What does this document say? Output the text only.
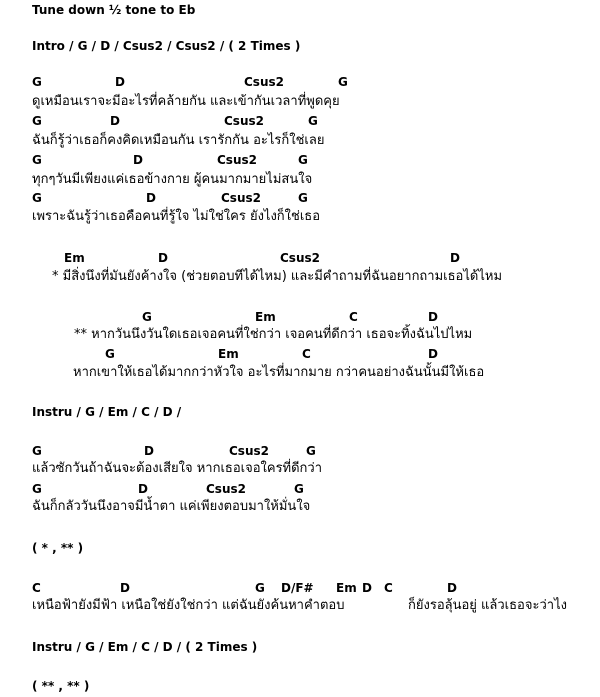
Tune down ½ tone to Eb
Intro / G / D / Csus2 / Csus2 / ( 2 Times )
G	D	Csus2	G
ดูเหมือนเราจะมีอะไรที่คล้ายกัน และเข้ากันเวลาที่พูดคุย
G	D	Csus2	G
ฉันก็รู้ว่าเธอก็คงคิดเหมือนกัน เรารักกัน อะไรก็ใช่เลย
G	D	Csus2	G
ทุกๆวันมีเพียงแค่เธอข้างกาย ผู้คนมากมายไม่สนใจ
G	D	Csus2	G
เพราะฉันรู้ว่าเธอคือคนที่รู้ใจ ไม่ใช่ใคร ยังไงก็ใช่เธอ
Em	D	Csus2	D
* มีสิ่งนึงที่มันยังค้างใจ (ช่วยตอบทีได้ไหม) และมีคำถามที่ฉันอยากถามเธอได้ไหม
G	Em	C	D
** หากวันนึงวันใดเธอเจอคนที่ใช่กว่า เจอคนที่ดีกว่า เธอจะทิ้งฉันไปไหม
G	Em	C	D
หากเขาให้เธอได้มากกว่าหัวใจ อะไรที่มากมาย กว่าคนอย่างฉันนั้นมีให้เธอ
Instru / G / Em / C / D /
G	D	Csus2	G
แล้วซักวันถ้าฉันจะต้องเสียใจ หากเธอเจอใครที่ดีกว่า
G	D	Csus2	G
ฉันก็กลัววันนึงอาจมีน้ำตา แค่เพียงตอบมาให้มั่นใจ
( * , ** )
C	D	G D/F# Em D C	D
เหนือฟ้ายังมีฟ้า เหนือใช่ยังใช่กว่า แต่ฉันยังค้นหาคำตอบ	ก็ยังรอลุ้นอยู่ แล้วเธอจะว่าไง
Instru / G / Em / C / D / ( 2 Times )
( ** , ** )
